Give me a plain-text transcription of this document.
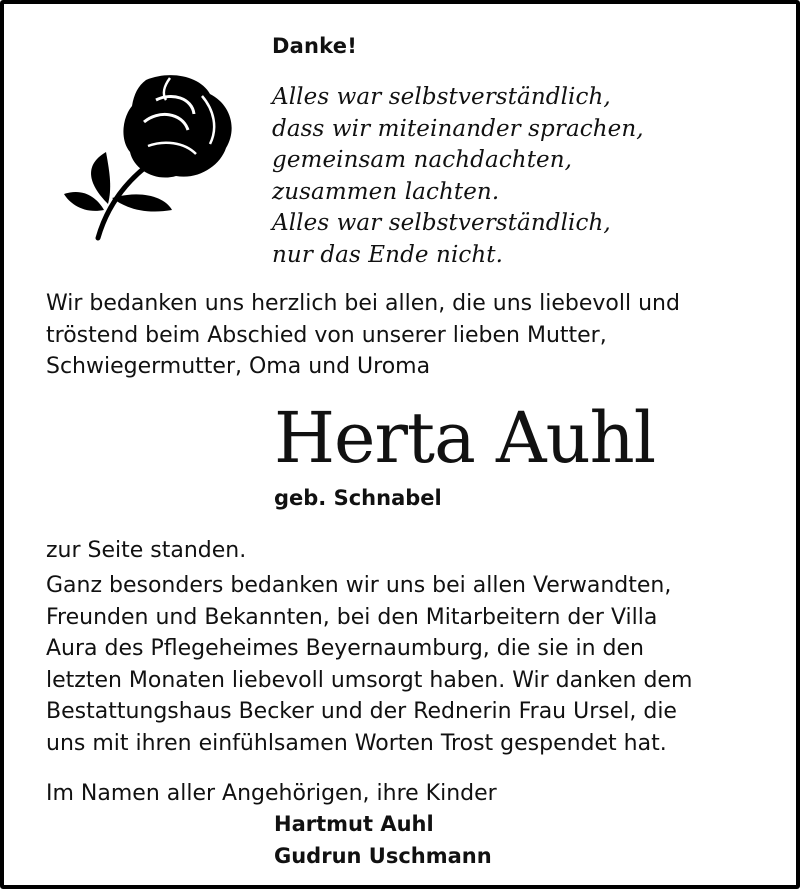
Danke!
Alles war selbstverständlich,
dass wir miteinander sprachen,
gemeinsam nachdachten,
zusammen lachten.
Alles war selbstverständlich,
nur das Ende nicht.
Wir bedanken uns herzlich bei allen, die uns liebevoll und
tröstend beim Abschied von unserer lieben Mutter,
Schwiegermutter, Oma und Uroma
Herta Auhl
geb. Schnabel
zur Seite standen.
Ganz besonders bedanken wir uns bei allen Verwandten,
Freunden und Bekannten, bei den Mitarbeitern der Villa
Aura des Pflegeheimes Beyernaumburg, die sie in den
letzten Monaten liebevoll umsorgt haben. Wir danken dem
Bestattungshaus Becker und der Rednerin Frau Ursel, die
uns mit ihren einfühlsamen Worten Trost gespendet hat.
Im Namen aller Angehörigen, ihre Kinder
Hartmut Auhl
Gudrun Uschmann
